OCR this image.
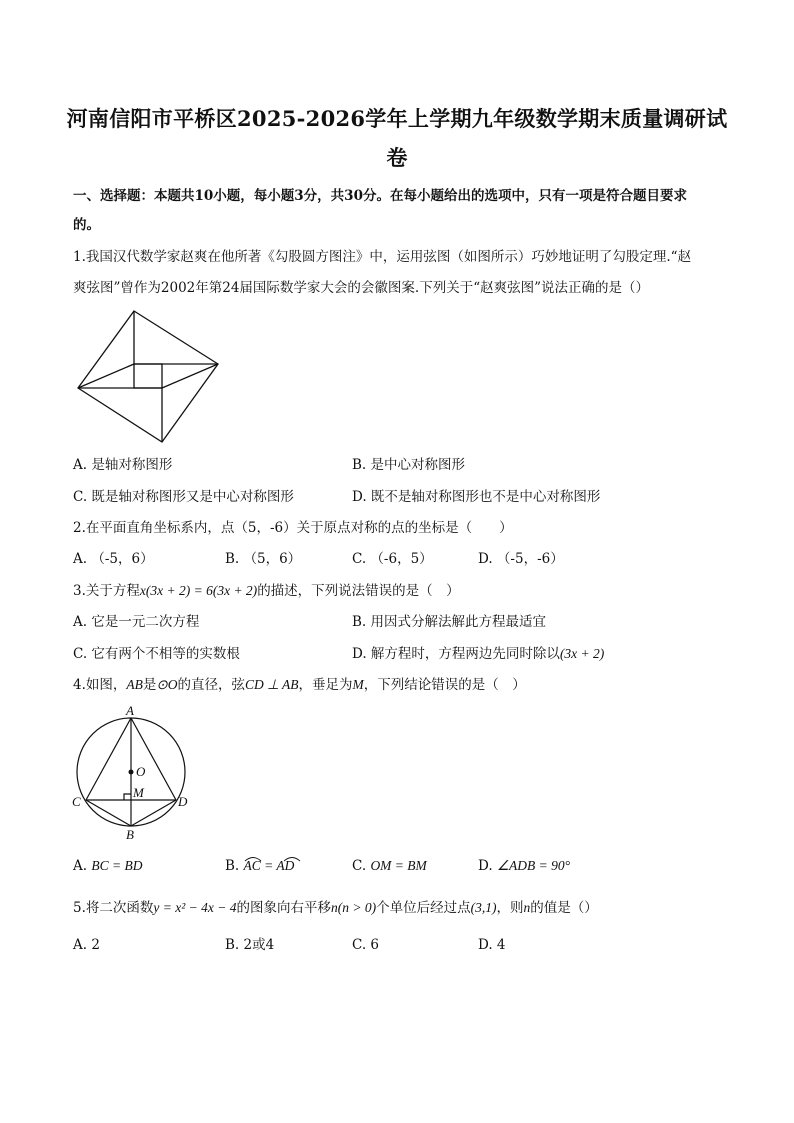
河南信阳市平桥区2025-2026学年上学期九年级数学期末质量调研试
卷
一、选择题：本题共10小题，每小题3分，共30分。在每小题给出的选项中，只有一项是符合题目要求
的。
1.我国汉代数学家赵爽在他所著《勾股圆方图注》中，运用弦图（如图所示）巧妙地证明了勾股定理.“赵
爽弦图”曾作为2002年第24届国际数学家大会的会徽图案.下列关于“赵爽弦图”说法正确的是（）
A. 是轴对称图形	B. 是中心对称图形
C. 既是轴对称图形又是中心对称图形	D. 既不是轴对称图形也不是中心对称图形
2.在平面直角坐标系内，点（5，-6）关于原点对称的点的坐标是（　　）
A. （-5，6）	B. （5，6）	C. （-6，5）	D. （-5，-6）
3.关于方程x(3x + 2) = 6(3x + 2)的描述，下列说法错误的是（　）
A. 它是一元二次方程	B. 用因式分解法解此方程最适宜
C. 它有两个不相等的实数根	D. 解方程时，方程两边先同时除以(3x + 2)
4.如图，AB是⊙O的直径，弦CD ⊥ AB，垂足为M，下列结论错误的是（　）
A
O
M
C	D
B
A. BC = BD	B. AC = AD	C. OM = BM	D. ∠ADB = 90°
5.将二次函数y = x² − 4x − 4的图象向右平移n(n > 0)个单位后经过点(3,1)，则n的值是（）
A. 2	B. 2或4	C. 6	D. 4
